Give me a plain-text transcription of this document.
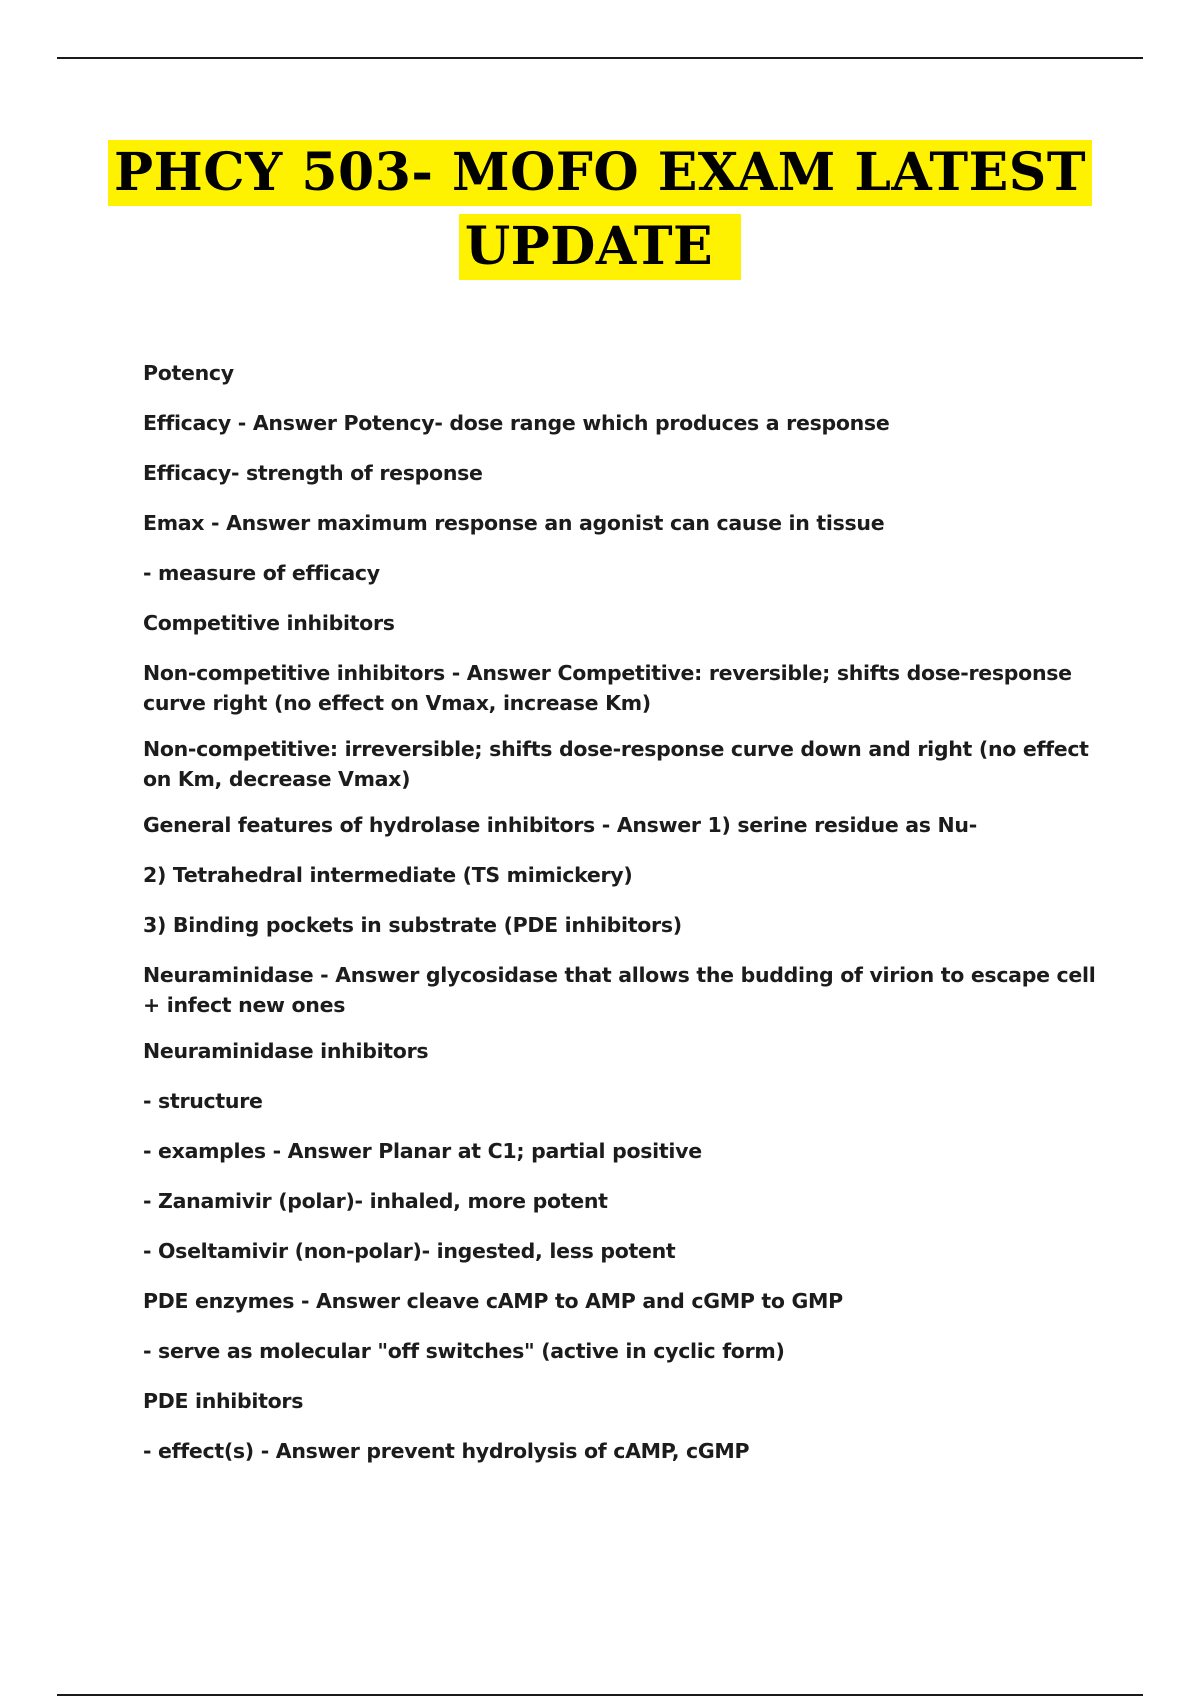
PHCY 503- MOFO EXAM LATEST
UPDATE

Potency

Efficacy - Answer Potency- dose range which produces a response

Efficacy- strength of response

Emax - Answer maximum response an agonist can cause in tissue

- measure of efficacy

Competitive inhibitors

Non-competitive inhibitors - Answer Competitive: reversible; shifts dose-response curve right (no effect on Vmax, increase Km)

Non-competitive: irreversible; shifts dose-response curve down and right (no effect on Km, decrease Vmax)

General features of hydrolase inhibitors - Answer 1) serine residue as Nu-

2) Tetrahedral intermediate (TS mimickery)

3) Binding pockets in substrate (PDE inhibitors)

Neuraminidase - Answer glycosidase that allows the budding of virion to escape cell + infect new ones

Neuraminidase inhibitors

- structure

- examples - Answer Planar at C1; partial positive

- Zanamivir (polar)- inhaled, more potent

- Oseltamivir (non-polar)- ingested, less potent

PDE enzymes - Answer cleave cAMP to AMP and cGMP to GMP

- serve as molecular "off switches" (active in cyclic form)

PDE inhibitors

- effect(s) - Answer prevent hydrolysis of cAMP, cGMP
